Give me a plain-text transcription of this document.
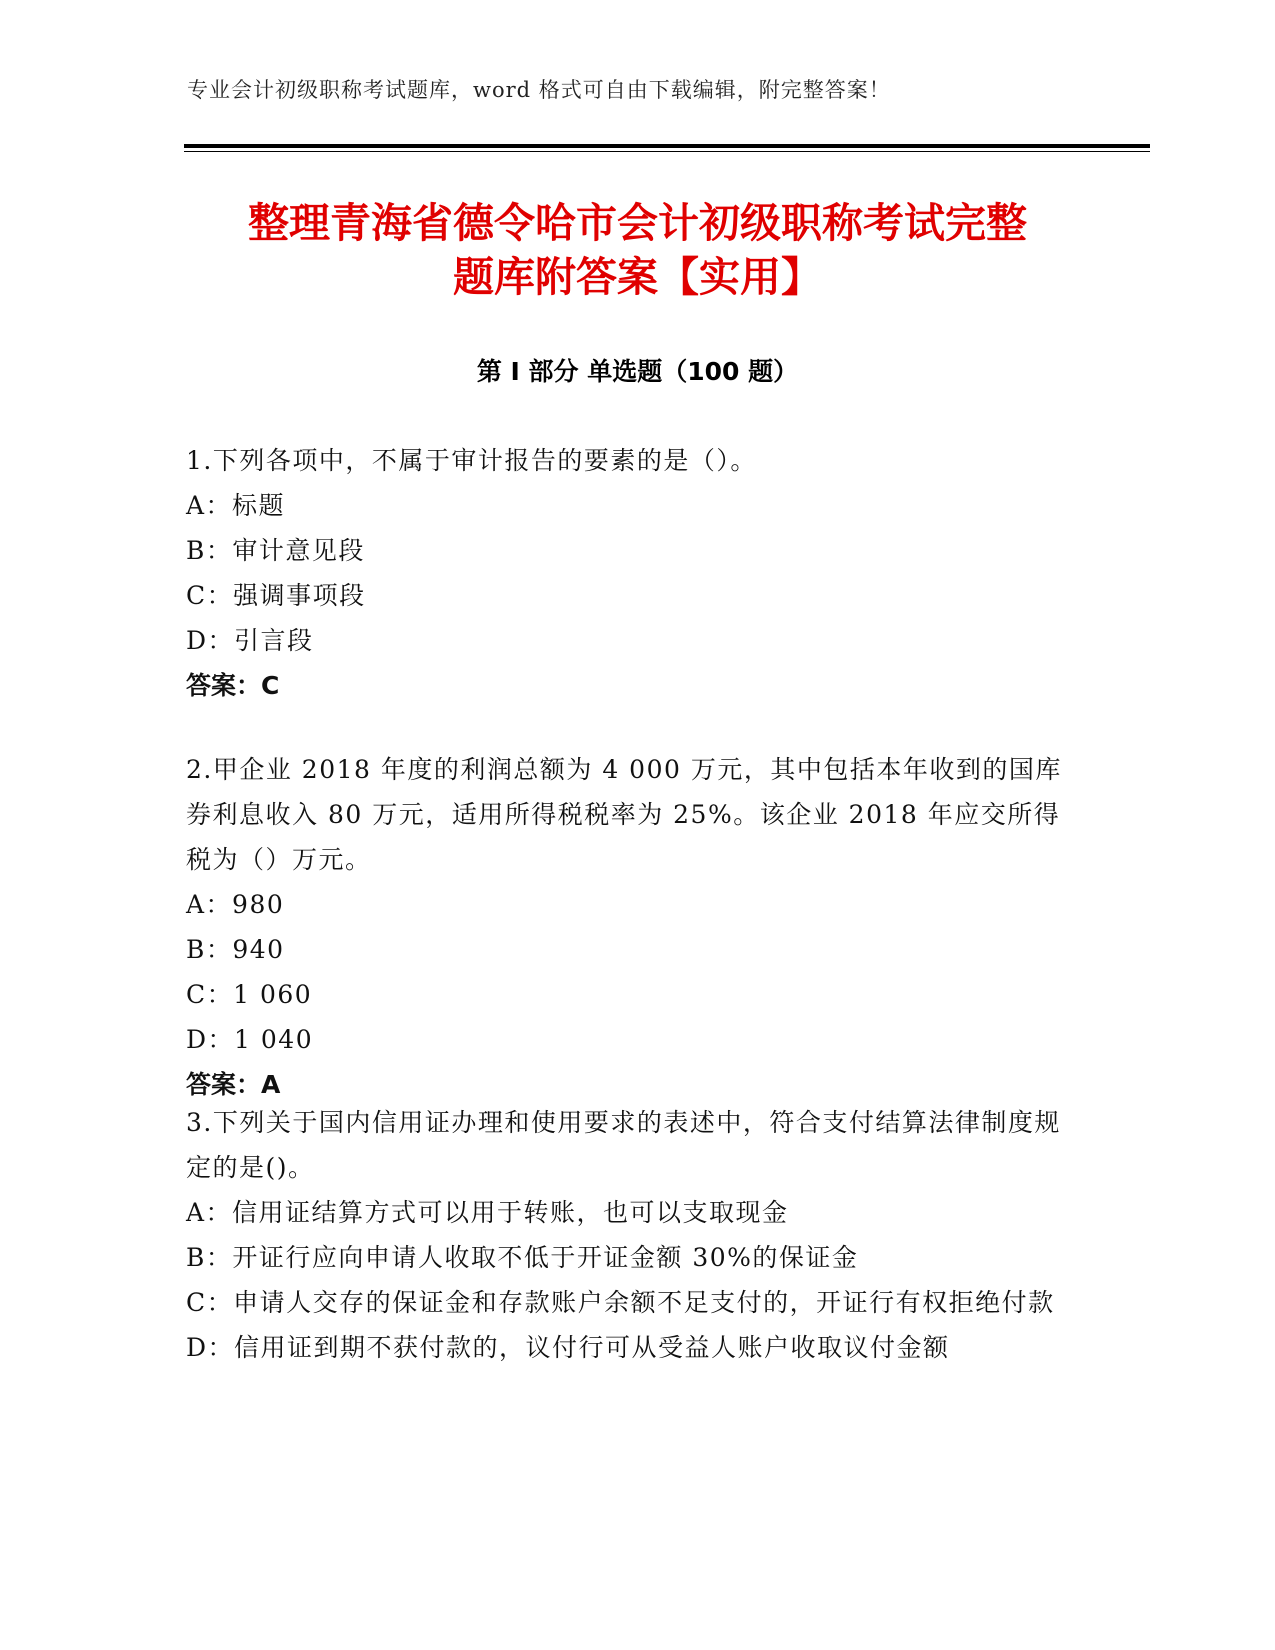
专业会计初级职称考试题库，word 格式可自由下载编辑，附完整答案！
整理青海省德令哈市会计初级职称考试完整
题库附答案【实用】
第 I 部分 单选题（100 题）

1.下列各项中，不属于审计报告的要素的是（）。

A：标题

B：审计意见段

C：强调事项段

D：引言段

答案：C

2.甲企业 2018 年度的利润总额为 4 000 万元，其中包括本年收到的国库券利息收入 80 万元，适用所得税税率为 25%。该企业 2018 年应交所得税为（）万元。

A：980

B：940

C：1 060

D：1 040

答案：A

3.下列关于国内信用证办理和使用要求的表述中，符合支付结算法律制度规定的是()。

A：信用证结算方式可以用于转账，也可以支取现金

B：开证行应向申请人收取不低于开证金额 30%的保证金

C：申请人交存的保证金和存款账户余额不足支付的，开证行有权拒绝付款

D：信用证到期不获付款的，议付行可从受益人账户收取议付金额
